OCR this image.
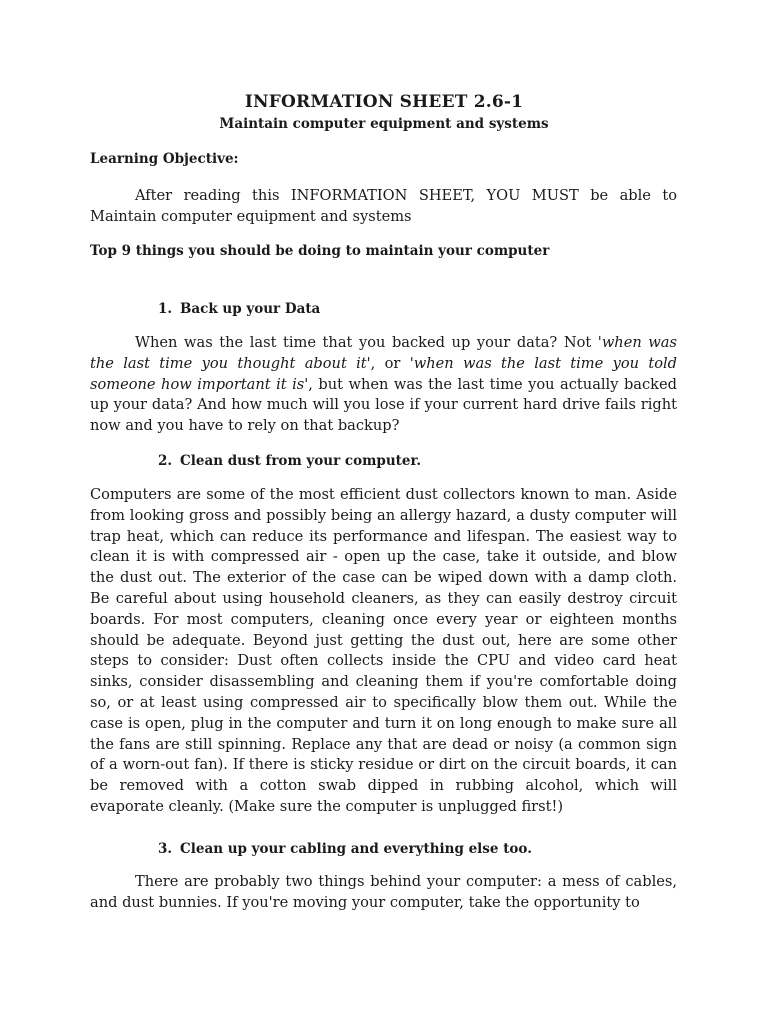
INFORMATION SHEET 2.6-1
Maintain computer equipment and systems
Learning Objective:
After reading this INFORMATION SHEET, YOU MUST be able to Maintain computer equipment and systems
Top 9 things you should be doing to maintain your computer
1. Back up your Data
When was the last time that you backed up your data? Not 'when was the last time you thought about it', or 'when was the last time you told someone how important it is', but when was the last time you actually backed up your data? And how much will you lose if your current hard drive fails right now and you have to rely on that backup?
2. Clean dust from your computer.
Computers are some of the most efficient dust collectors known to man. Aside from looking gross and possibly being an allergy hazard, a dusty computer will trap heat, which can reduce its performance and lifespan. The easiest way to clean it is with compressed air - open up the case, take it outside, and blow the dust out. The exterior of the case can be wiped down with a damp cloth. Be careful about using household cleaners, as they can easily destroy circuit boards. For most computers, cleaning once every year or eighteen months should be adequate. Beyond just getting the dust out, here are some other steps to consider: Dust often collects inside the CPU and video card heat sinks, consider disassembling and cleaning them if you're comfortable doing so, or at least using compressed air to specifically blow them out. While the case is open, plug in the computer and turn it on long enough to make sure all the fans are still spinning. Replace any that are dead or noisy (a common sign of a worn-out fan). If there is sticky residue or dirt on the circuit boards, it can be removed with a cotton swab dipped in rubbing alcohol, which will evaporate cleanly. (Make sure the computer is unplugged first!)
3. Clean up your cabling and everything else too.
There are probably two things behind your computer: a mess of cables, and dust bunnies. If you're moving your computer, take the opportunity to
